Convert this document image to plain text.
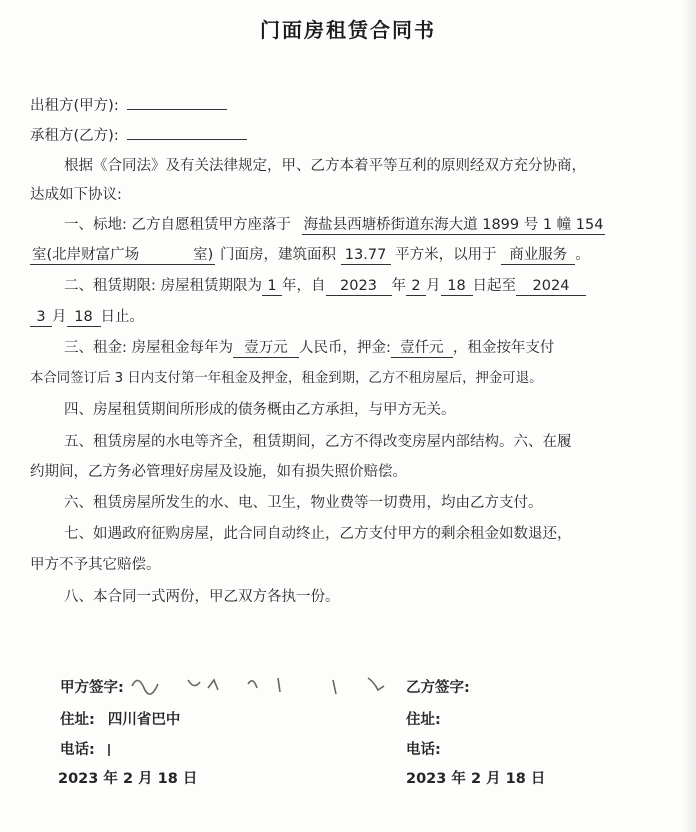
门面房租赁合同书
出租方(甲方):
承租方(乙方):
根据《合同法》及有关法律规定，甲、乙方本着平等互利的原则经双方充分协商，
达成如下协议:
一、标地: 乙方自愿租赁甲方座落于 海盐县西塘桥街道东海大道 1899 号 1 幢 154
室(北岸财富广场	室) 门面房，建筑面积 13.77 平方米，以用于 商业服务 。
二、租赁期限: 房屋租赁期限为 1 年，自 2023 年 2 月 18 日起至 2024
3 月 18 日止。
三、租金: 房屋租金每年为 壹万元 人民币，押金: 壹仟元 ，租金按年支付
本合同签订后 3 日内支付第一年租金及押金，租金到期，乙方不租房屋后，押金可退。
四、房屋租赁期间所形成的债务概由乙方承担，与甲方无关。
五、租赁房屋的水电等齐全，租赁期间，乙方不得改变房屋内部结构。六、在履
约期间，乙方务必管理好房屋及设施，如有损失照价赔偿。
六、租赁房屋所发生的水、电、卫生，物业费等一切费用，均由乙方支付。
七、如遇政府征购房屋，此合同自动终止，乙方支付甲方的剩余租金如数退还，
甲方不予其它赔偿。
八、本合同一式两份，甲乙双方各执一份。
甲方签字:
住址: 四川省巴中
电话:
2023 年 2 月 18 日
乙方签字:
住址:
电话:
2023 年 2 月 18 日
